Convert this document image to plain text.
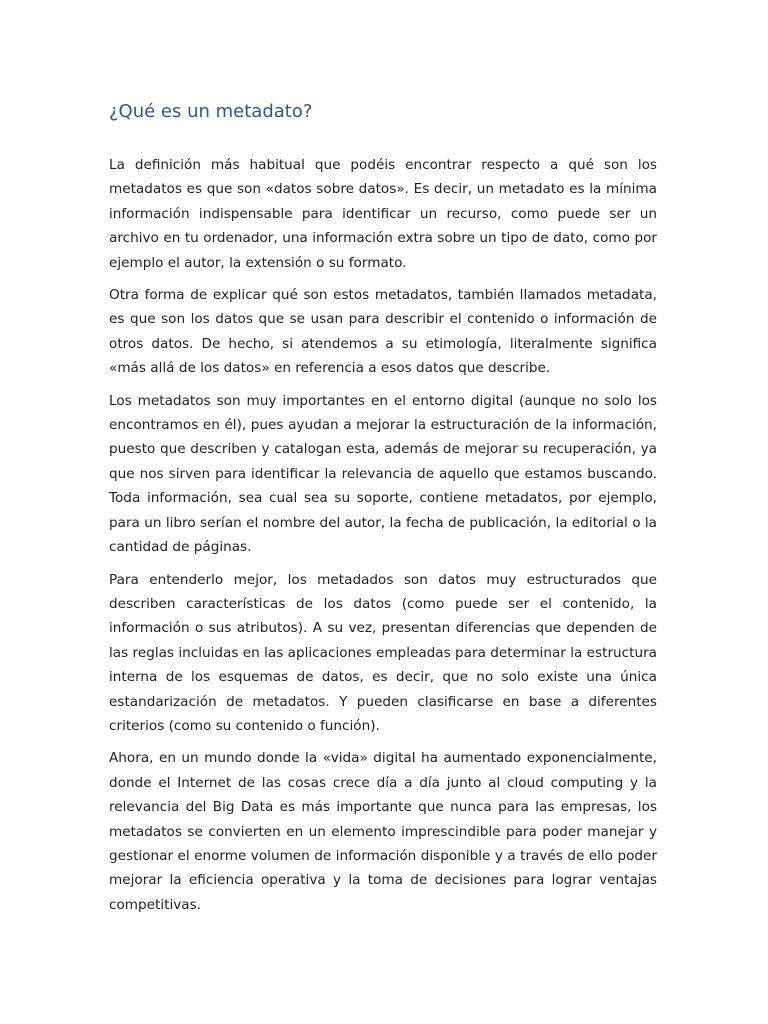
¿Qué es un metadato?

La definición más habitual que podéis encontrar respecto a qué son los metadatos es que son «datos sobre datos». Es decir, un metadato es la mínima información indispensable para identificar un recurso, como puede ser un archivo en tu ordenador, una información extra sobre un tipo de dato, como por ejemplo el autor, la extensión o su formato.

Otra forma de explicar qué son estos metadatos, también llamados metadata, es que son los datos que se usan para describir el contenido o información de otros datos. De hecho, si atendemos a su etimología, literalmente significa «más allá de los datos» en referencia a esos datos que describe.

Los metadatos son muy importantes en el entorno digital (aunque no solo los encontramos en él), pues ayudan a mejorar la estructuración de la información, puesto que describen y catalogan esta, además de mejorar su recuperación, ya que nos sirven para identificar la relevancia de aquello que estamos buscando. Toda información, sea cual sea su soporte, contiene metadatos, por ejemplo, para un libro serían el nombre del autor, la fecha de publicación, la editorial o la cantidad de páginas.

Para entenderlo mejor, los metadados son datos muy estructurados que describen características de los datos (como puede ser el contenido, la información o sus atributos). A su vez, presentan diferencias que dependen de las reglas incluidas en las aplicaciones empleadas para determinar la estructura interna de los esquemas de datos, es decir, que no solo existe una única estandarización de metadatos. Y pueden clasificarse en base a diferentes criterios (como su contenido o función).

Ahora, en un mundo donde la «vida» digital ha aumentado exponencialmente, donde el Internet de las cosas crece día a día junto al cloud computing y la relevancia del Big Data es más importante que nunca para las empresas, los metadatos se convierten en un elemento imprescindible para poder manejar y gestionar el enorme volumen de información disponible y a través de ello poder mejorar la eficiencia operativa y la toma de decisiones para lograr ventajas competitivas.
